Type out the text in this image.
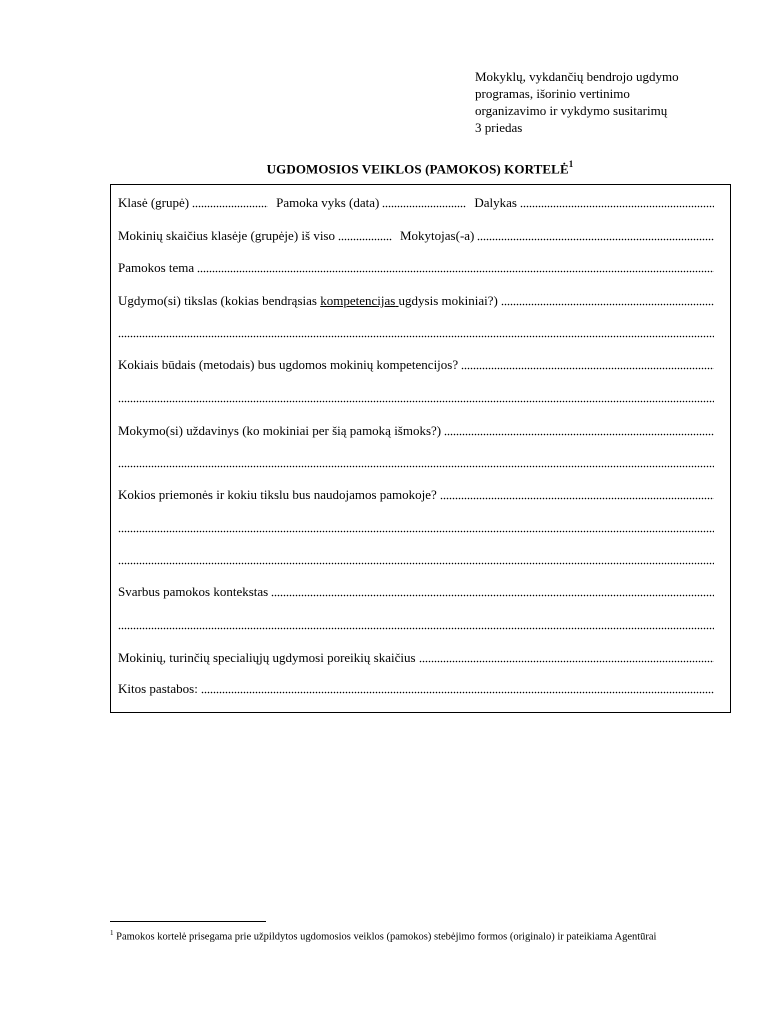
Mokyklų, vykdančių bendrojo ugdymo
programas, išorinio vertinimo
organizavimo ir vykdymo susitarimų
3 priedas
UGDOMOSIOS VEIKLOS (PAMOKOS) KORTELĖ$^1$
Klasė (grupė)	Pamoka vyks (data)	Dalykas
Mokinių skaičius klasėje (grupėje) iš viso	Mokytojas(-a)
Pamokos tema
Ugdymo(si) tikslas (kokias bendrąsias
kompetencijas
ugdysis mokiniai?)
Kokiais būdais (metodais) bus ugdomos mokinių kompetencijos?
Mokymo(si) uždavinys (ko mokiniai per šią pamoką išmoks?)
Kokios priemonės ir kokiu tikslu bus naudojamos pamokoje?
Svarbus pamokos kontekstas
Mokinių, turinčių specialiųjų ugdymosi poreikių skaičius
Kitos pastabos:
$^1$ Pamokos kortelė prisegama prie užpildytos ugdomosios veiklos (pamokos) stebėjimo formos (originalo) ir pateikiama Agentūrai
